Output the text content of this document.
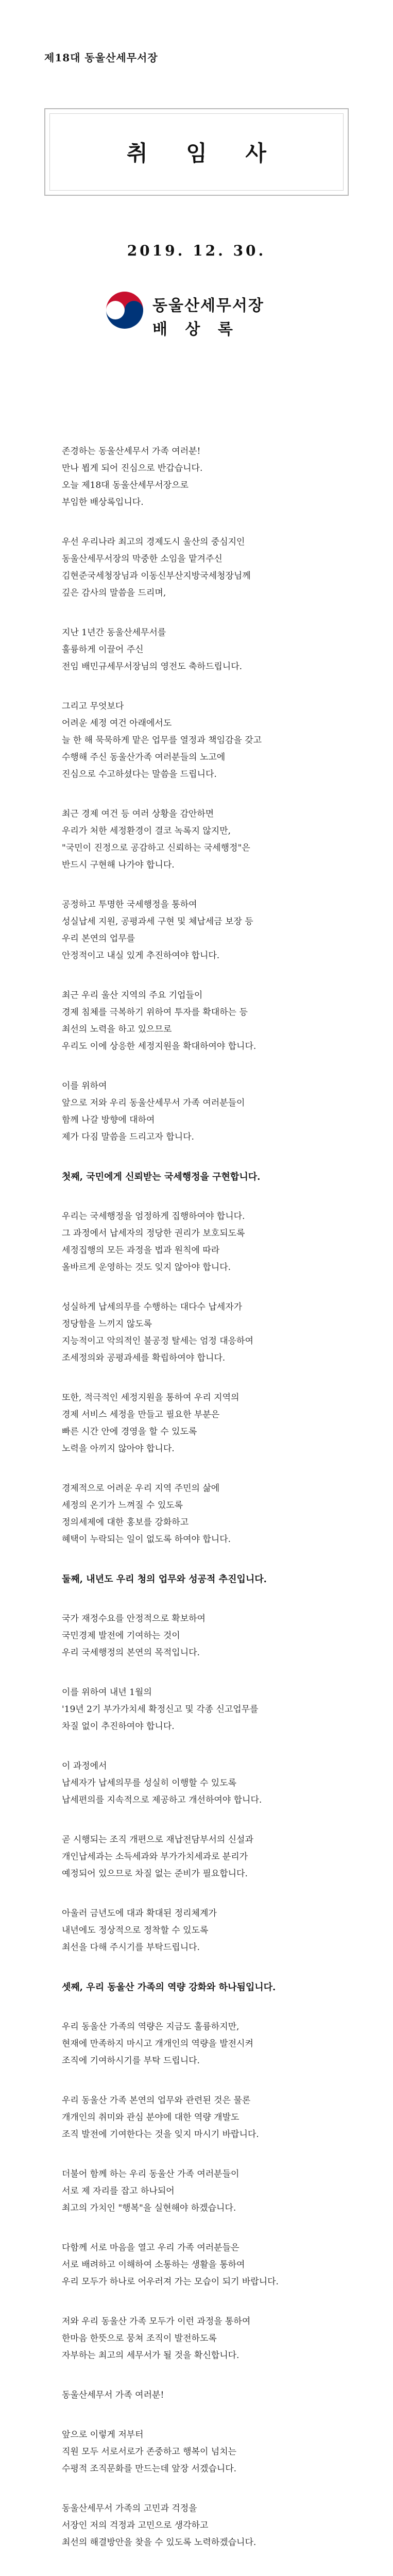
제18대 동울산세무서장
취 임 사
2019. 12. 30.
동울산세무서장
배 상 록

존경하는 동울산세무서 가족 여러분!
만나 뵙게 되어 진심으로 반갑습니다.
오늘 제18대 동울산세무서장으로
부임한 배상록입니다.

우선 우리나라 최고의 경제도시 울산의 중심지인
동울산세무서장의 막중한 소임을 맡겨주신
김현준국세청장님과 이동신부산지방국세청장님께
깊은 감사의 말씀을 드리며,

지난 1년간 동울산세무서를
훌륭하게 이끌어 주신
전임 배민규세무서장님의 영전도 축하드립니다.

그리고 무엇보다
어려운 세정 여건 아래에서도
늘 한 해 묵묵하게 맡은 업무를 열정과 책임감을 갖고
수행해 주신 동울산가족 여러분들의 노고에
진심으로 수고하셨다는 말씀을 드립니다.

최근 경제 여건 등 여러 상황을 감안하면
우리가 처한 세정환경이 결코 녹록지 않지만,
"국민이 진정으로 공감하고 신뢰하는 국세행정"은
반드시 구현해 나가야 합니다.

공정하고 투명한 국세행정을 통하여
성실납세 지원, 공평과세 구현 및 체납세금 보장 등
우리 본연의 업무를
안정적이고 내실 있게 추진하여야 합니다.

최근 우리 울산 지역의 주요 기업들이
경제 침체를 극복하기 위하여 투자를 확대하는 등
최선의 노력을 하고 있으므로
우리도 이에 상응한 세정지원을 확대하여야 합니다.

이를 위하여
앞으로 저와 우리 동울산세무서 가족 여러분들이
함께 나갈 방향에 대하여
제가 다짐 말씀을 드리고자 합니다.

첫째, 국민에게 신뢰받는 국세행정을 구현합니다.

우리는 국세행정을 엄정하게 집행하여야 합니다.
그 과정에서 납세자의 정당한 권리가 보호되도록
세정집행의 모든 과정을 법과 원칙에 따라
올바르게 운영하는 것도 잊지 않아야 합니다.

성실하게 납세의무를 수행하는 대다수 납세자가
정당함을 느끼지 않도록
지능적이고 악의적인 불공정 탈세는 엄정 대응하여
조세정의와 공평과세를 확립하여야 합니다.

또한, 적극적인 세정지원을 통하여 우리 지역의
경제 서비스 세정을 만들고 필요한 부분은
빠른 시간 안에 경영을 할 수 있도록
노력을 아끼지 않아야 합니다.

경제적으로 어려운 우리 지역 주민의 삶에
세정의 온기가 느껴질 수 있도록
정의세제에 대한 홍보를 강화하고
혜택이 누락되는 일이 없도록 하여야 합니다.

둘째, 내년도 우리 청의 업무와 성공적 추진입니다.

국가 재정수요를 안정적으로 확보하여
국민경제 발전에 기여하는 것이
우리 국세행정의 본연의 목적입니다.

이를 위하여 내년 1월의
'19년 2기 부가가치세 확정신고 및 각종 신고업무를
차질 없이 추진하여야 합니다.

이 과정에서
납세자가 납세의무를 성실히 이행할 수 있도록
납세편의를 지속적으로 제공하고 개선하여야 합니다.

곧 시행되는 조직 개편으로 재납전담부서의 신설과
개인납세과는 소득세과와 부가가치세과로 분리가
예정되어 있으므로 차질 없는 준비가 필요합니다.

아울러 금년도에 대과 확대된 정리체계가
내년에도 정상적으로 정착할 수 있도록
최선을 다해 주시기를 부탁드립니다.

셋째, 우리 동울산 가족의 역량 강화와 하나됨입니다.

우리 동울산 가족의 역량은 지금도 훌륭하지만,
현재에 만족하지 마시고 개개인의 역량을 발전시켜
조직에 기여하시기를 부탁 드립니다.

우리 동울산 가족 본연의 업무와 관련된 것은 물론
개개인의 취미와 관심 분야에 대한 역량 개발도
조직 발전에 기여한다는 것을 잊지 마시기 바랍니다.

더불어 함께 하는 우리 동울산 가족 여러분들이
서로 제 자리를 잡고 하나되어
최고의 가치인 "행복"을 실현해야 하겠습니다.

다함께 서로 마음을 열고 우리 가족 여러분들은
서로 배려하고 이해하여 소통하는 생활을 통하여
우리 모두가 하나로 어우러져 가는 모습이 되기 바랍니다.

저와 우리 동울산 가족 모두가 이런 과정을 통하여
한마음 한뜻으로 뭉쳐 조직이 발전하도록
자부하는 최고의 세무서가 될 것을 확신합니다.

동울산세무서 가족 여러분!

앞으로 이렇게 저부터
직원 모두 서로서로가 존중하고 행복이 넘치는
수평적 조직문화를 만드는데 앞장 서겠습니다.

동울산세무서 가족의 고민과 걱정을
서장인 저의 걱정과 고민으로 생각하고
최선의 해결방안을 찾을 수 있도록 노력하겠습니다.
